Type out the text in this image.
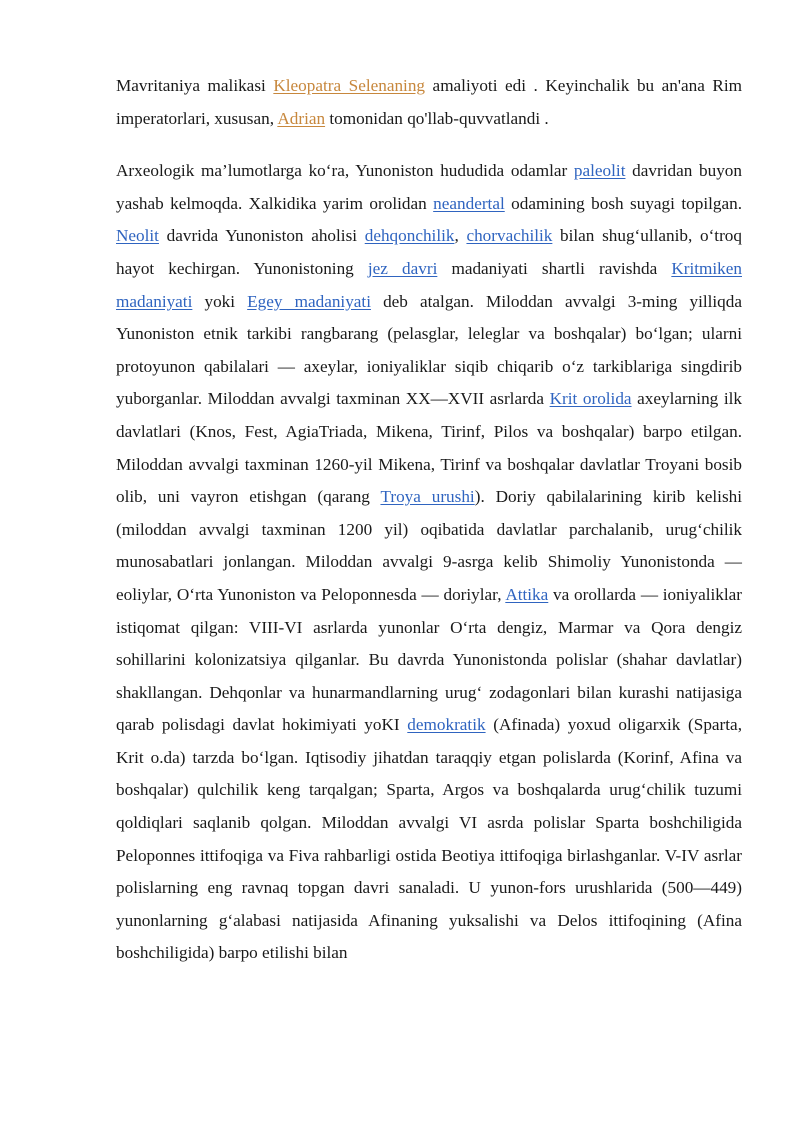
Mavritaniya malikasi Kleopatra Selenaning amaliyoti edi . Keyinchalik bu an'ana Rim imperatorlari, xususan, Adrian tomonidan qo'llab-quvvatlandi .

Arxeologik ma’lumotlarga ko‘ra, Yunoniston hududida odamlar paleolit davridan buyon yashab kelmoqda. Xalkidika yarim orolidan neandertal odamining bosh suyagi topilgan. Neolit davrida Yunoniston aholisi dehqonchilik, chorvachilik bilan shug‘ullanib, o‘troq hayot kechirgan. Yunonistoning jez davri madaniyati shartli ravishda Kritmiken madaniyati yoki Egey madaniyati deb atalgan. Miloddan avvalgi 3-ming yilliqda Yunoniston etnik tarkibi rangbarang (pelasglar, leleglar va boshqalar) bo‘lgan; ularni protoyunon qabilalari — axeylar, ioniyaliklar siqib chiqarib o‘z tarkiblariga singdirib yuborganlar. Miloddan avvalgi taxminan XX—XVII asrlarda Krit orolida axeylarning ilk davlatlari (Knos, Fest, AgiaTriada, Mikena, Tirinf, Pilos va boshqalar) barpo etilgan. Miloddan avvalgi taxminan 1260-yil Mikena, Tirinf va boshqalar davlatlar Troyani bosib olib, uni vayron etishgan (qarang Troya urushi). Doriy qabilalarining kirib kelishi (miloddan avvalgi taxminan 1200 yil) oqibatida davlatlar parchalanib, urug‘chilik munosabatlari jonlangan. Miloddan avvalgi 9-asrga kelib Shimoliy Yunonistonda — eoliylar, O‘rta Yunoniston va Peloponnesda — doriylar, Attika va orollarda — ioniyaliklar istiqomat qilgan: VIII-VI asrlarda yunonlar O‘rta dengiz, Marmar va Qora dengiz sohillarini kolonizatsiya qilganlar. Bu davrda Yunonistonda polislar (shahar davlatlar) shakllangan. Dehqonlar va hunarmandlarning urug‘ zodagonlari bilan kurashi natijasiga qarab polisdagi davlat hokimiyati yoKI demokratik (Afinada) yoxud oligarxik (Sparta, Krit o.da) tarzda bo‘lgan. Iqtisodiy jihatdan taraqqiy etgan polislarda (Korinf, Afina va boshqalar) qulchilik keng tarqalgan; Sparta, Argos va boshqalarda urug‘chilik tuzumi qoldiqlari saqlanib qolgan. Miloddan avvalgi VI asrda polislar Sparta boshchiligida Peloponnes ittifoqiga va Fiva rahbarligi ostida Beotiya ittifoqiga birlashganlar. V-IV asrlar polislarning eng ravnaq topgan davri sanaladi. U yunon-fors urushlarida (500—449) yunonlarning g‘alabasi natijasida Afinaning yuksalishi va Delos ittifoqining (Afina boshchiligida) barpo etilishi bilan
